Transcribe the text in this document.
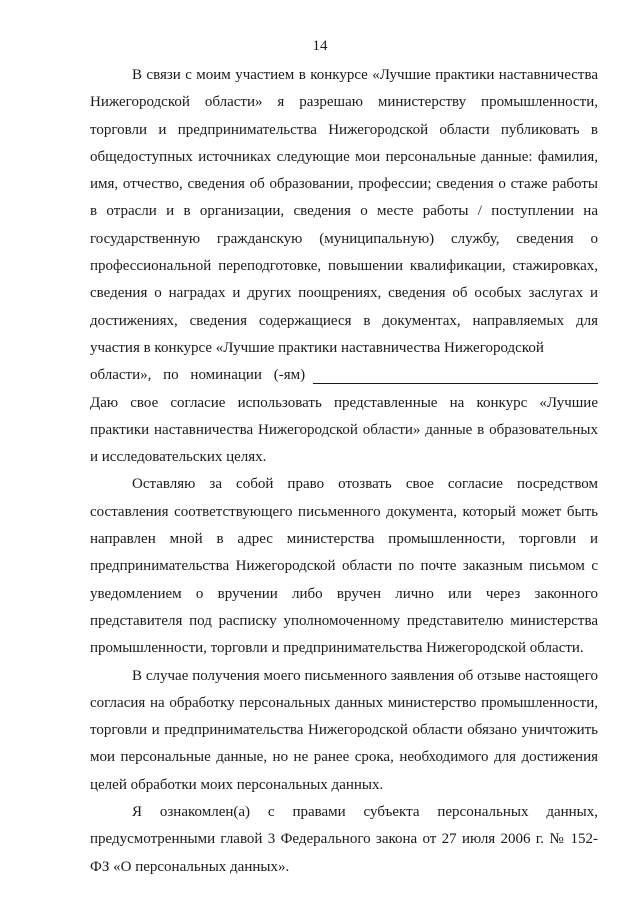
14

В связи с моим участием в конкурсе «Лучшие практики наставничества Нижегородской области» я разрешаю министерству промышленности, торговли и предпринимательства Нижегородской области публиковать в общедоступных источниках следующие мои персональные данные: фамилия, имя, отчество, сведения об образовании, профессии; сведения о стаже работы в отрасли и в организации, сведения о месте работы / поступлении на государственную гражданскую (муниципальную) службу, сведения о профессиональной переподготовке, повышении квалификации, стажировках, сведения о наградах и других поощрениях, сведения об особых заслугах и достижениях, сведения содержащиеся в документах, направляемых для участия в конкурсе «Лучшие практики наставничества Нижегородской

области», по номинации (-ям)

Даю свое согласие использовать представленные на конкурс «Лучшие практики наставничества Нижегородской области» данные в образовательных и исследовательских целях.

Оставляю за собой право отозвать свое согласие посредством составления соответствующего письменного документа, который может быть направлен мной в адрес министерства промышленности, торговли и предпринимательства Нижегородской области по почте заказным письмом с уведомлением о вручении либо вручен лично или через законного представителя под расписку уполномоченному представителю министерства промышленности, торговли и предпринимательства Нижегородской области.

В случае получения моего письменного заявления об отзыве настоящего согласия на обработку персональных данных министерство промышленности, торговли и предпринимательства Нижегородской области обязано уничтожить мои персональные данные, но не ранее срока, необходимого для достижения целей обработки моих персональных данных.

Я ознакомлен(а) с правами субъекта персональных данных, предусмотренными главой 3 Федерального закона от 27 июля 2006 г. № 152-ФЗ «О персональных данных».
